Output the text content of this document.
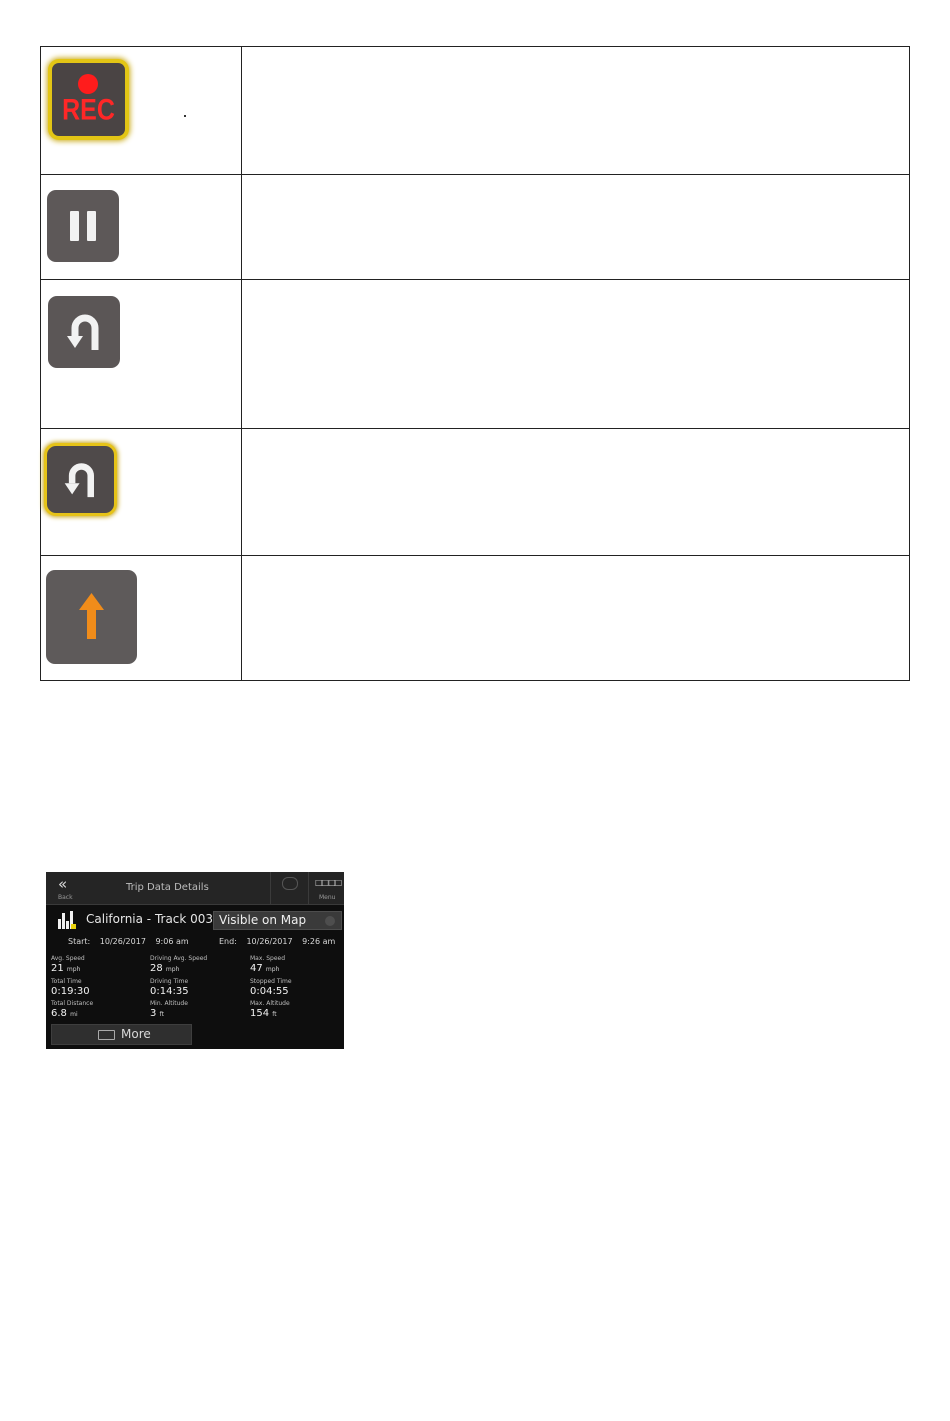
REC	

«
Back
Trip Data Details	□□□□
Menu
California - Track 003 Visible on Map
Start: 10/26/2017 9:06 am	End: 10/26/2017 9:26 am
Avg. Speed
21 mph
Driving Avg. Speed
28 mph
Max. Speed
47 mph
Total Time
0:19:30
Driving Time
0:14:35
Stopped Time
0:04:55
Total Distance
6.8 mi
Min. Altitude
3 ft
Max. Altitude
154 ft
More
